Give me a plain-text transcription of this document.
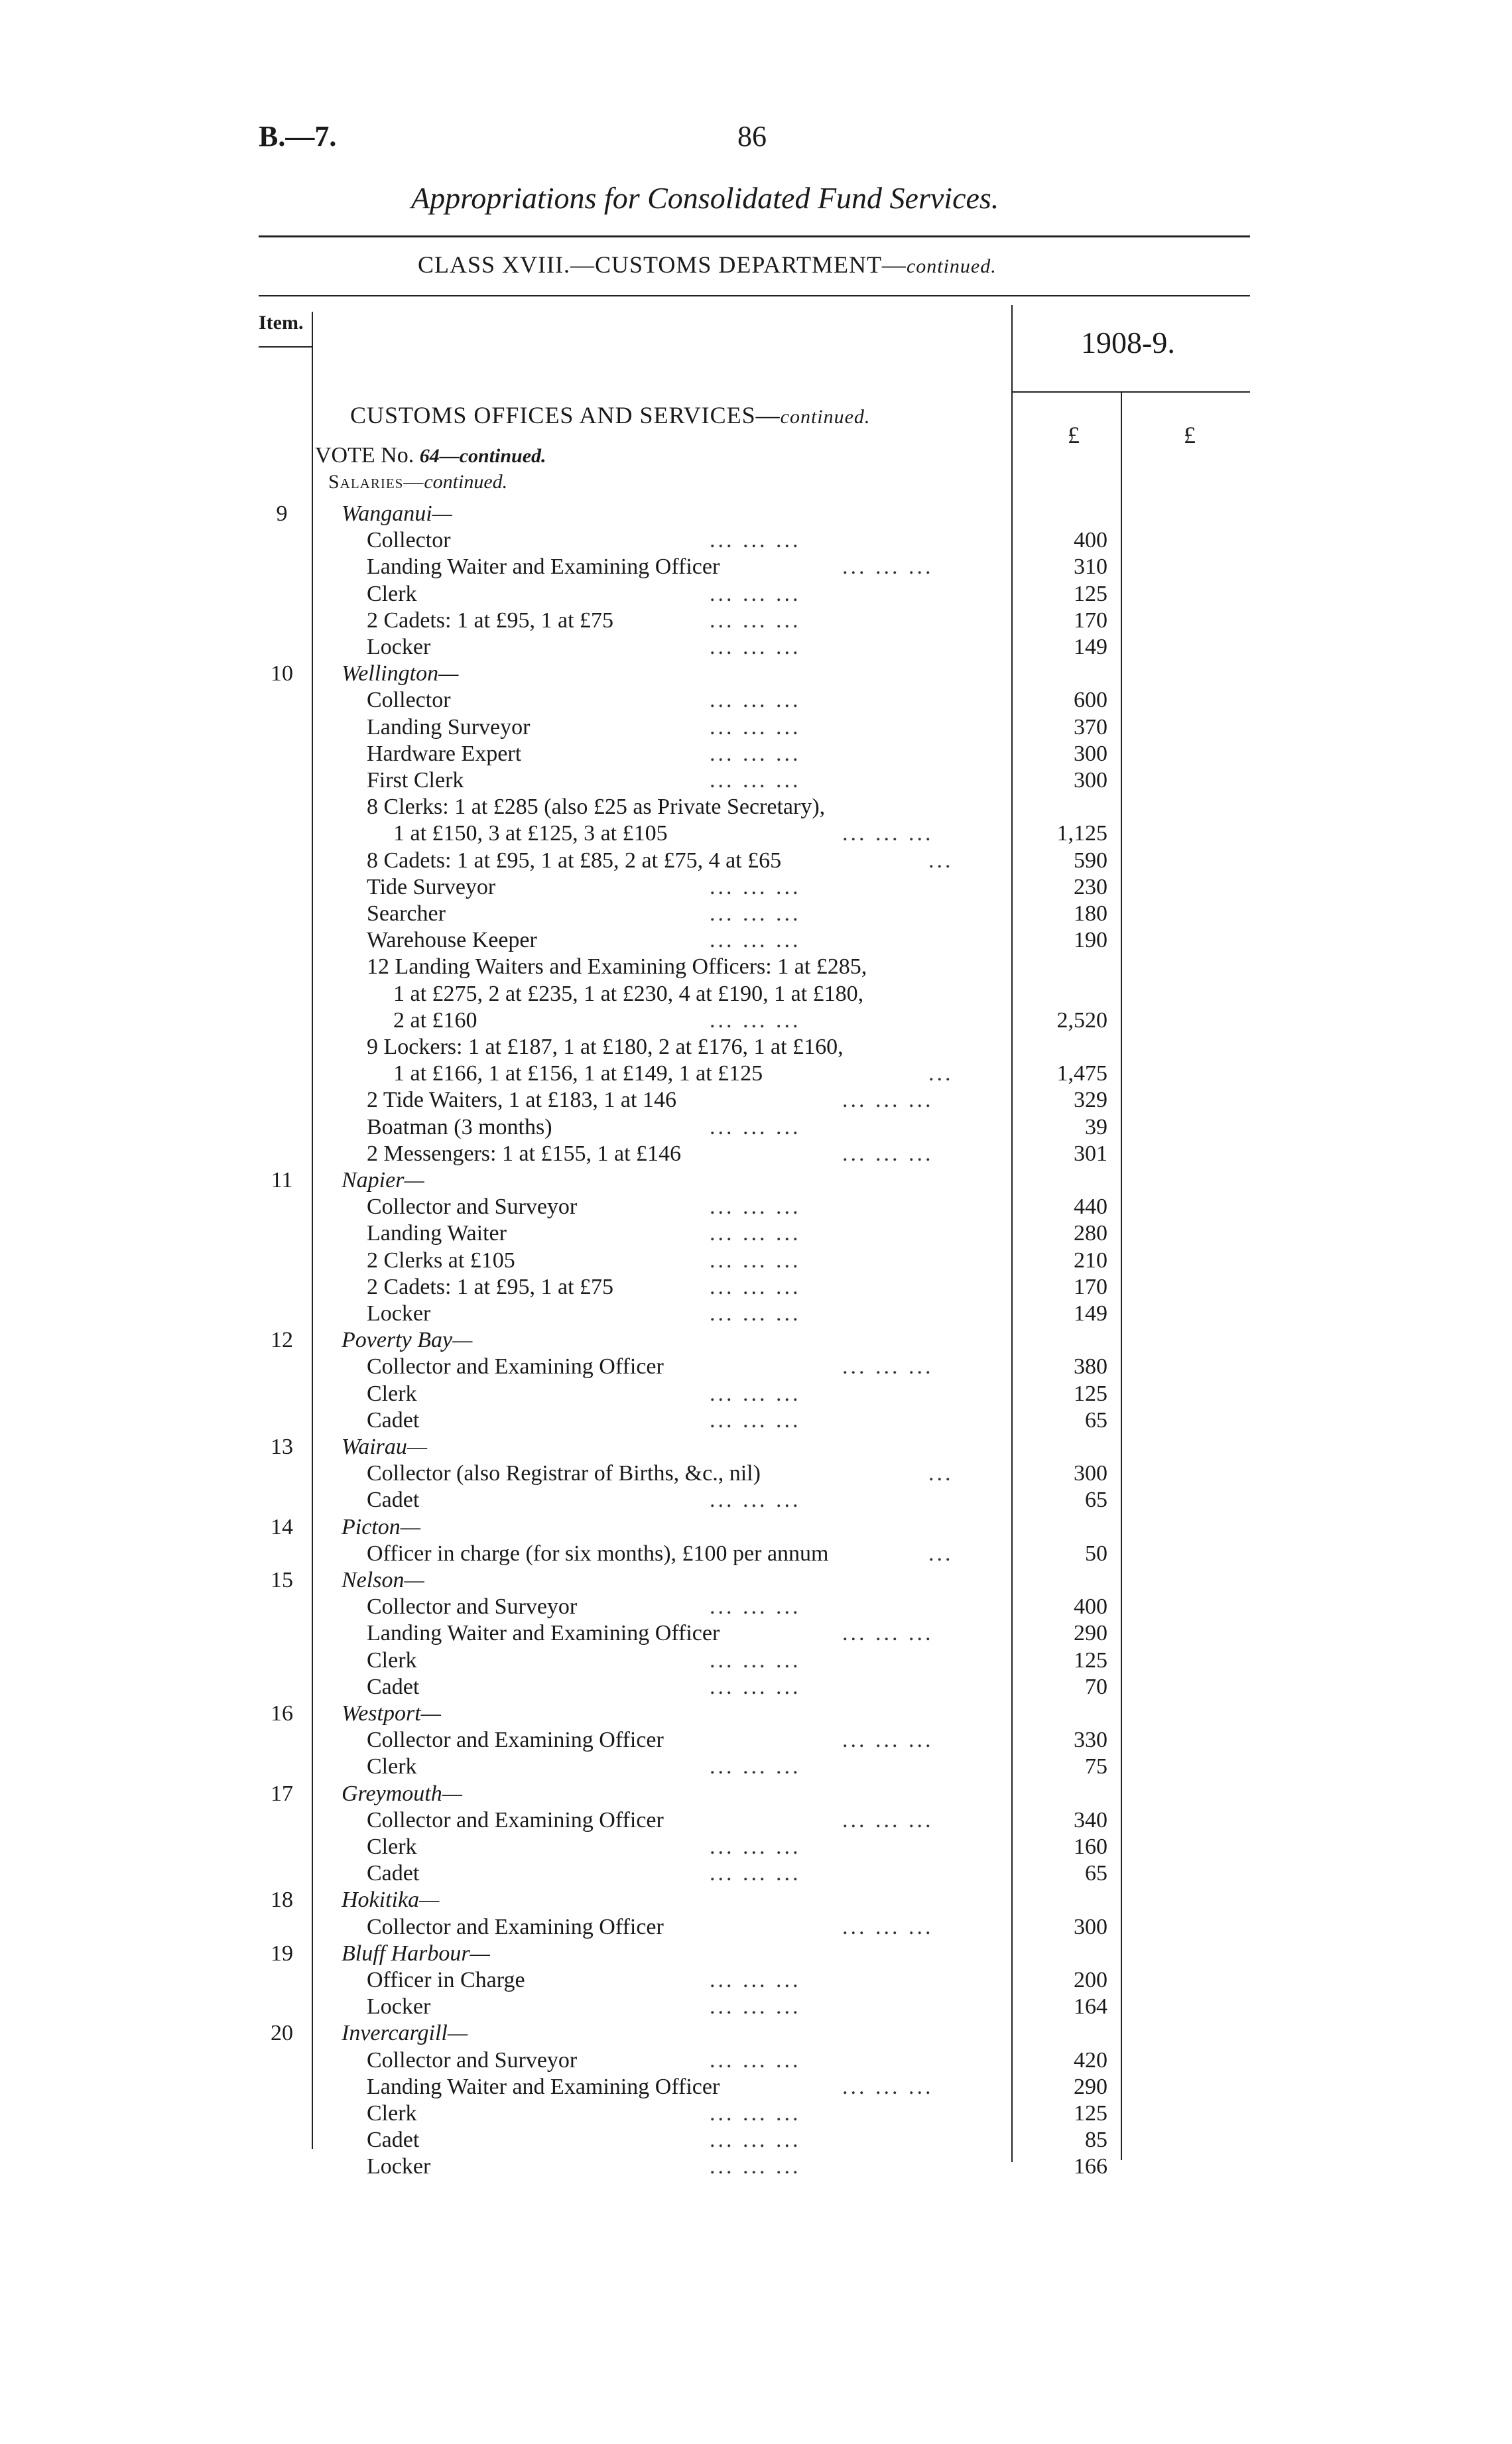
B.—7.	86
Appropriations for Consolidated Fund Services.
CLASS XVIII.—CUSTOMS DEPARTMENT—continued.
Item.
1908-9.
£	£
CUSTOMS OFFICES AND SERVICES—continued.
VOTE No. 64—continued.
Salaries—continued.
9	Wanganui—
Collector	... ... ...	400
Landing Waiter and Examining Officer	... ... ...	310
Clerk	... ... ...	125
2 Cadets: 1 at £95, 1 at £75	... ... ...	170
Locker	... ... ...	149
10 Wellington—
Collector	... ... ...	600
Landing Surveyor	... ... ...	370
Hardware Expert	... ... ...	300
First Clerk	... ... ...	300
8 Clerks: 1 at £285 (also £25 as Private Secretary),
1 at £150, 3 at £125, 3 at £105	... ... ...	1,125
8 Cadets: 1 at £95, 1 at £85, 2 at £75, 4 at £65	...	590
Tide Surveyor	... ... ...	230
Searcher	... ... ...	180
Warehouse Keeper	... ... ...	190
12 Landing Waiters and Examining Officers: 1 at £285,
1 at £275, 2 at £235, 1 at £230, 4 at £190, 1 at £180,
2 at £160	... ... ...	2,520
9 Lockers: 1 at £187, 1 at £180, 2 at £176, 1 at £160,
1 at £166, 1 at £156, 1 at £149, 1 at £125	...	1,475
2 Tide Waiters, 1 at £183, 1 at 146	... ... ...	329
Boatman (3 months)	... ... ...	39
2 Messengers: 1 at £155, 1 at £146	... ... ...	301
11 Napier—
Collector and Surveyor	... ... ...	440
Landing Waiter	... ... ...	280
2 Clerks at £105	... ... ...	210
2 Cadets: 1 at £95, 1 at £75	... ... ...	170
Locker	... ... ...	149
12 Poverty Bay—
Collector and Examining Officer	... ... ...	380
Clerk	... ... ...	125
Cadet	... ... ...	65
13 Wairau—
Collector (also Registrar of Births, &c., nil)	...	300
Cadet	... ... ...	65
14 Picton—
Officer in charge (for six months), £100 per annum	...	50
15 Nelson—
Collector and Surveyor	... ... ...	400
Landing Waiter and Examining Officer	... ... ...	290
Clerk	... ... ...	125
Cadet	... ... ...	70
16 Westport—
Collector and Examining Officer	... ... ...	330
Clerk	... ... ...	75
17 Greymouth—
Collector and Examining Officer	... ... ...	340
Clerk	... ... ...	160
Cadet	... ... ...	65
18 Hokitika—
Collector and Examining Officer	... ... ...	300
19 Bluff Harbour—
Officer in Charge	... ... ...	200
Locker	... ... ...	164
20 Invercargill—
Collector and Surveyor	... ... ...	420
Landing Waiter and Examining Officer	... ... ...	290
Clerk	... ... ...	125
Cadet	... ... ...	85
Locker	... ... ...	166
